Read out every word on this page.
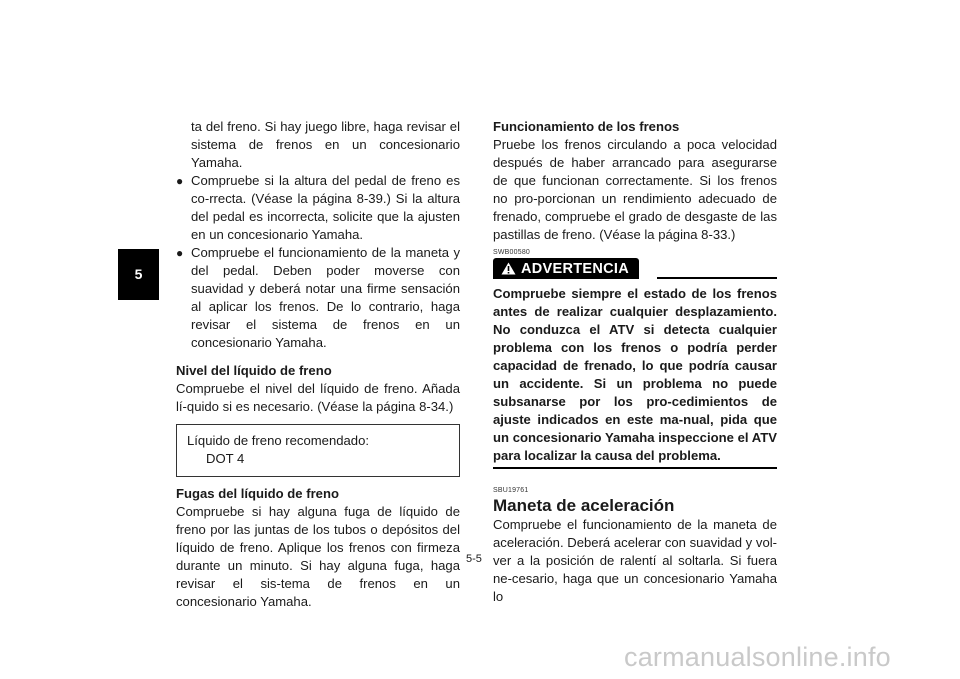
5

ta del freno. Si hay juego libre, haga revisar el sistema de frenos en un concesionario Yamaha.

● Compruebe si la altura del pedal de freno es co-rrecta. (Véase la página 8-39.) Si la altura del pedal es incorrecta, solicite que la ajusten en un concesionario Yamaha.

● Compruebe el funcionamiento de la maneta y del pedal. Deben poder moverse con suavidad y deberá notar una firme sensación al aplicar los frenos. De lo contrario, haga revisar el sistema de frenos en un concesionario Yamaha.

Nivel del líquido de freno

Compruebe el nivel del líquido de freno. Añada lí-quido si es necesario. (Véase la página 8-34.)

Líquido de freno recomendado:
DOT 4
Fugas del líquido de freno

Compruebe si hay alguna fuga de líquido de freno por las juntas de los tubos o depósitos del líquido de freno. Aplique los frenos con firmeza durante un minuto. Si hay alguna fuga, haga revisar el sis-tema de frenos en un concesionario Yamaha.

Funcionamiento de los frenos

Pruebe los frenos circulando a poca velocidad después de haber arrancado para asegurarse de que funcionan correctamente. Si los frenos no pro-porcionan un rendimiento adecuado de frenado, compruebe el grado de desgaste de las pastillas de freno. (Véase la página 8-33.)

SWB00580
ADVERTENCIA
Compruebe siempre el estado de los frenos antes de realizar cualquier desplazamiento. No conduzca el ATV si detecta cualquier problema con los frenos o podría perder capacidad de frenado, lo que podría causar un accidente. Si un problema no puede subsanarse por los pro-cedimientos de ajuste indicados en este ma-nual, pida que un concesionario Yamaha inspeccione el ATV para localizar la causa del problema.
SBU19761
Maneta de aceleración

Compruebe el funcionamiento de la maneta de aceleración. Deberá acelerar con suavidad y vol-ver a la posición de ralentí al soltarla. Si fuera ne-cesario, haga que un concesionario Yamaha lo

5-5
carmanualsonline.info
